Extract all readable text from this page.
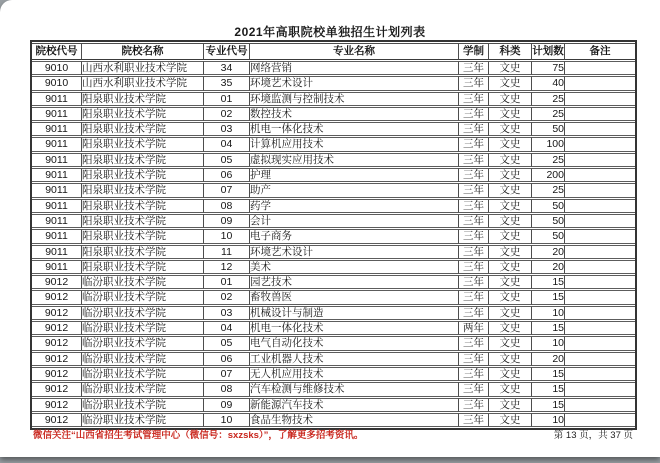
2021年高职院校单独招生计划列表
院校代号	院校名称	专业代号	专业名称	学制	科类	计划数	备注
9010	山西水利职业技术学院	34	网络营销	三年	文史	75	
9010	山西水利职业技术学院	35	环境艺术设计	三年	文史	40	
9011	阳泉职业技术学院	01	环境监测与控制技术	三年	文史	25	
9011	阳泉职业技术学院	02	数控技术	三年	文史	25	
9011	阳泉职业技术学院	03	机电一体化技术	三年	文史	50	
9011	阳泉职业技术学院	04	计算机应用技术	三年	文史	100	
9011	阳泉职业技术学院	05	虚拟现实应用技术	三年	文史	25	
9011	阳泉职业技术学院	06	护理	三年	文史	200	
9011	阳泉职业技术学院	07	助产	三年	文史	25	
9011	阳泉职业技术学院	08	药学	三年	文史	50	
9011	阳泉职业技术学院	09	会计	三年	文史	50	
9011	阳泉职业技术学院	10	电子商务	三年	文史	50	
9011	阳泉职业技术学院	11	环境艺术设计	三年	文史	20	
9011	阳泉职业技术学院	12	美术	三年	文史	20	
9012	临汾职业技术学院	01	园艺技术	三年	文史	15	
9012	临汾职业技术学院	02	畜牧兽医	三年	文史	15	
9012	临汾职业技术学院	03	机械设计与制造	三年	文史	10	
9012	临汾职业技术学院	04	机电一体化技术	两年	文史	15	
9012	临汾职业技术学院	05	电气自动化技术	三年	文史	10	
9012	临汾职业技术学院	06	工业机器人技术	三年	文史	20	
9012	临汾职业技术学院	07	无人机应用技术	三年	文史	15	
9012	临汾职业技术学院	08	汽车检测与维修技术	三年	文史	15	
9012	临汾职业技术学院	09	新能源汽车技术	三年	文史	15	
9012	临汾职业技术学院	10	食品生物技术	三年	文史	10	
微信关注“山西省招生考试管理中心（微信号：sxzsks）”，了解更多招考资讯。	第 13 页，共 37 页
